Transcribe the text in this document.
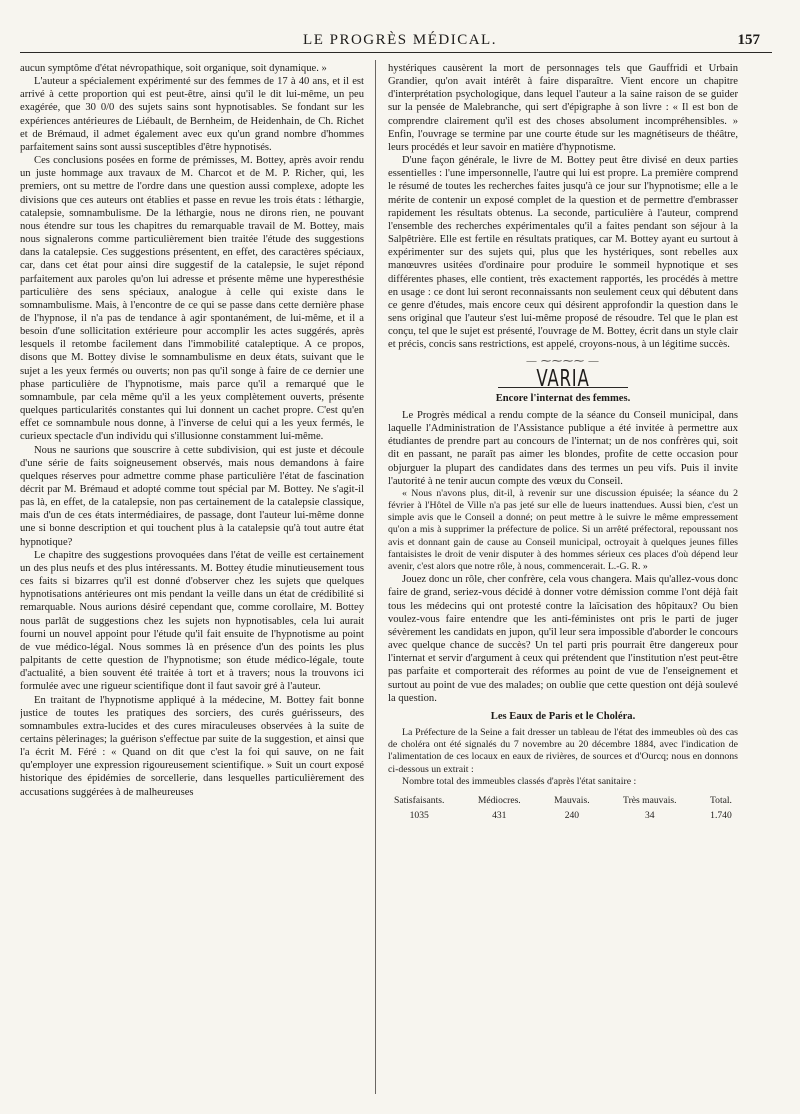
LE PROGRÈS MÉDICAL.	157

aucun symptôme d'état névropathique, soit organique, soit dynamique. »

L'auteur a spécialement expérimenté sur des femmes de 17 à 40 ans, et il est arrivé à cette proportion qui est peut-être, ainsi qu'il le dit lui-même, un peu exagérée, que 30 0/0 des sujets sains sont hypnotisables. Se fondant sur les expériences antérieures de Liébault, de Bernheim, de Heidenhain, de Ch. Richet et de Brémaud, il admet également avec eux qu'un grand nombre d'hommes parfaitement sains sont aussi susceptibles d'être hypnotisés.

Ces conclusions posées en forme de prémisses, M. Bottey, après avoir rendu un juste hommage aux travaux de M. Charcot et de M. P. Richer, qui, les premiers, ont su mettre de l'ordre dans une question aussi complexe, adopte les divisions que ces auteurs ont établies et passe en revue les trois états : léthargie, catalepsie, somnambulisme. De la léthargie, nous ne dirons rien, ne pouvant nous étendre sur tous les chapitres du remarquable travail de M. Bottey, mais nous signalerons comme particulièrement bien traitée l'étude des suggestions dans la catalepsie. Ces suggestions présentent, en effet, des caractères spéciaux, car, dans cet état pour ainsi dire suggestif de la catalepsie, le sujet répond parfaitement aux paroles qu'on lui adresse et présente même une hyperesthésie particulière des sens spéciaux, analogue à celle qui existe dans le somnambulisme. Mais, à l'encontre de ce qui se passe dans cette dernière phase de l'hypnose, il n'a pas de tendance à agir spontanément, de lui-même, et il a besoin d'une sollicitation extérieure pour accomplir les actes suggérés, après lesquels il retombe facilement dans l'immobilité cataleptique. A ce propos, disons que M. Bottey divise le somnambulisme en deux états, suivant que le sujet a les yeux fermés ou ouverts; non pas qu'il songe à faire de ce dernier une phase particulière de l'hypnotisme, mais parce qu'il a remarqué que le somnambule, par cela même qu'il a les yeux complètement ouverts, présente quelques particularités constantes qui lui donnent un cachet propre. C'est qu'en effet ce somnambule nous donne, à l'inverse de celui qui a les yeux fermés, le curieux spectacle d'un individu qui s'illusionne constamment lui-même.

Nous ne saurions que souscrire à cette subdivision, qui est juste et découle d'une série de faits soigneusement observés, mais nous demandons à faire quelques réserves pour admettre comme phase particulière l'état de fascination décrit par M. Brémaud et adopté comme tout spécial par M. Bottey. Ne s'agit-il pas là, en effet, de la catalepsie, non pas certainement de la catalepsie classique, mais d'un de ces états intermédiaires, de passage, dont l'auteur lui-même donne une si bonne description et qui touchent plus à la catalepsie qu'à tout autre état hypnotique?

Le chapitre des suggestions provoquées dans l'état de veille est certainement un des plus neufs et des plus intéressants. M. Bottey étudie minutieusement tous ces faits si bizarres qu'il est donné d'observer chez les sujets que quelques hypnotisations antérieures ont mis pendant la veille dans un état de crédibilité si remarquable. Nous aurions désiré cependant que, comme corollaire, M. Bottey nous parlât de suggestions chez les sujets non hypnotisables, cela lui aurait fourni un nouvel appoint pour l'étude qu'il fait ensuite de l'hypnotisme au point de vue médico-légal. Nous sommes là en présence d'un des points les plus palpitants de cette question de l'hypnotisme; son étude médico-légale, toute d'actualité, a bien souvent été traitée à tort et à travers; nous la trouvons ici formulée avec une rigueur scientifique dont il faut savoir gré à l'auteur.

En traitant de l'hypnotisme appliqué à la médecine, M. Bottey fait bonne justice de toutes les pratiques des sorciers, des curés guérisseurs, des somnambules extra-lucides et des cures miraculeuses observées à la suite de certains pèlerinages; la guérison s'effectue par suite de la suggestion, et ainsi que l'a écrit M. Féré : « Quand on dit que c'est la foi qui sauve, on ne fait qu'employer une expression rigoureusement scientifique. » Suit un court exposé historique des épidémies de sorcellerie, dans lesquelles particulièrement des accusations suggérées à de malheureuses

hystériques causèrent la mort de personnages tels que Gauffridi et Urbain Grandier, qu'on avait intérêt à faire disparaître. Vient encore un chapitre d'interprétation psychologique, dans lequel l'auteur a la saine raison de se guider sur la pensée de Malebranche, qui sert d'épigraphe à son livre : « Il est bon de comprendre clairement qu'il est des choses absolument incompréhensibles. » Enfin, l'ouvrage se termine par une courte étude sur les magnétiseurs de théâtre, leurs procédés et leur savoir en matière d'hypnotisme.

D'une façon générale, le livre de M. Bottey peut être divisé en deux parties essentielles : l'une impersonnelle, l'autre qui lui est propre. La première comprend le résumé de toutes les recherches faites jusqu'à ce jour sur l'hypnotisme; elle a le mérite de contenir un exposé complet de la question et de permettre d'embrasser rapidement les résultats obtenus. La seconde, particulière à l'auteur, comprend l'ensemble des recherches expérimentales qu'il a faites pendant son séjour à la Salpêtrière. Elle est fertile en résultats pratiques, car M. Bottey ayant eu surtout à expérimenter sur des sujets qui, plus que les hystériques, sont rebelles aux manœuvres usitées d'ordinaire pour produire le sommeil hypnotique et ses différentes phases, elle contient, très exactement rapportés, les procédés à mettre en usage : ce dont lui seront reconnaissants non seulement ceux qui débutent dans ce genre d'études, mais encore ceux qui désirent approfondir la question dans le sens original que l'auteur s'est lui-même proposé de résoudre. Tel que le plan est conçu, tel que le sujet est présenté, l'ouvrage de M. Bottey, écrit dans un style clair et précis, concis sans restrictions, est appelé, croyons-nous, à un légitime succès.

— ⁓⁓⁓⁓ —
VARIA
Encore l'internat des femmes.

Le Progrès médical a rendu compte de la séance du Conseil municipal, dans laquelle l'Administration de l'Assistance publique a été invitée à permettre aux étudiantes de prendre part au concours de l'internat; un de nos confrères qui, soit dit en passant, ne paraît pas aimer les blondes, profite de cette occasion pour objurguer la plupart des candidates dans des termes un peu vifs. Puis il invite l'autorité à ne tenir aucun compte des vœux du Conseil.

« Nous n'avons plus, dit-il, à revenir sur une discussion épuisée; la séance du 2 février à l'Hôtel de Ville n'a pas jeté sur elle de lueurs inattendues. Aussi bien, c'est un simple avis que le Conseil a donné; on peut mettre à le suivre le même empressement qu'on a mis à supprimer la préfecture de police. Si un arrêté préfectoral, repoussant nos avis et donnant gain de cause au Conseil municipal, octroyait à quelques jeunes filles fantaisistes le droit de venir disputer à des hommes sérieux ces places d'où dépend leur avenir, c'est alors que notre rôle, à nous, commencerait. L.-G. R. »

Jouez donc un rôle, cher confrère, cela vous changera. Mais qu'allez-vous donc faire de grand, seriez-vous décidé à donner votre démission comme l'ont déjà fait tous les médecins qui ont protesté contre la laïcisation des hôpitaux? Ou bien voulez-vous faire entendre que les anti-féministes ont pris le parti de juger sévèrement les candidats en jupon, qu'il leur sera impossible d'aborder le concours avec quelque chance de succès? Un tel parti pris pourrait être dangereux pour l'internat et servir d'argument à ceux qui prétendent que l'institution n'est peut-être pas parfaite et comporterait des réformes au point de vue de l'enseignement et surtout au point de vue des malades; on oublie que cette question ont déjà soulevé la question.

Les Eaux de Paris et le Choléra.

La Préfecture de la Seine a fait dresser un tableau de l'état des immeubles où des cas de choléra ont été signalés du 7 novembre au 20 décembre 1884, avec l'indication de l'alimentation de ces locaux en eaux de rivières, de sources et d'Ourcq; nous en donnons ci-dessous un extrait :

Nombre total des immeubles classés d'après l'état sanitaire :

Satisfaisants.
1035
Médiocres.
431
Mauvais.
240
Très mauvais.
34
Total.
1.740
